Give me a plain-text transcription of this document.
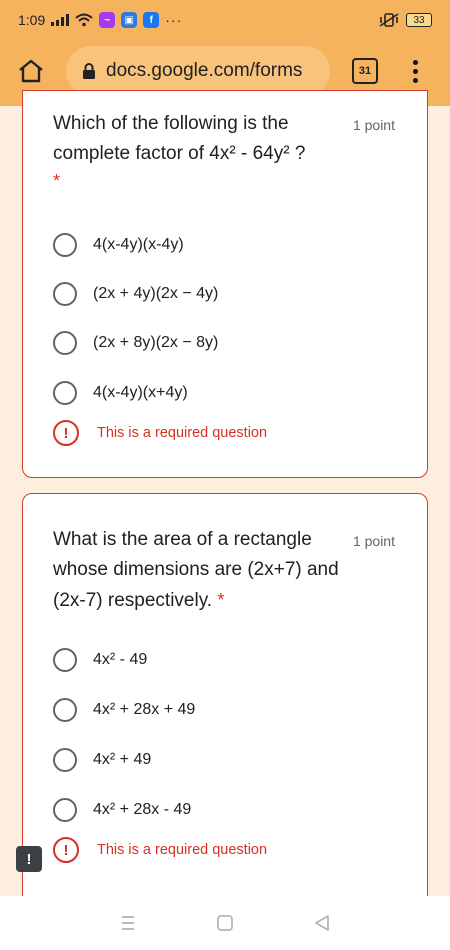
1:09	~	▣	f ···	33
docs.google.com/forms	31
Which of the following is the complete factor of 4x² - 64y² ?
1 point
*
4(x-4y)(x-4y)
(2x + 4y)(2x − 4y)
(2x + 8y)(2x − 8y)
4(x-4y)(x+4y)
!	This is a required question
What is the area of a rectangle whose dimensions are (2x+7) and (2x-7) respectively. *
1 point
4x² - 49
4x² + 28x + 49
4x² + 49
4x² + 28x - 49
!	This is a required question
!
